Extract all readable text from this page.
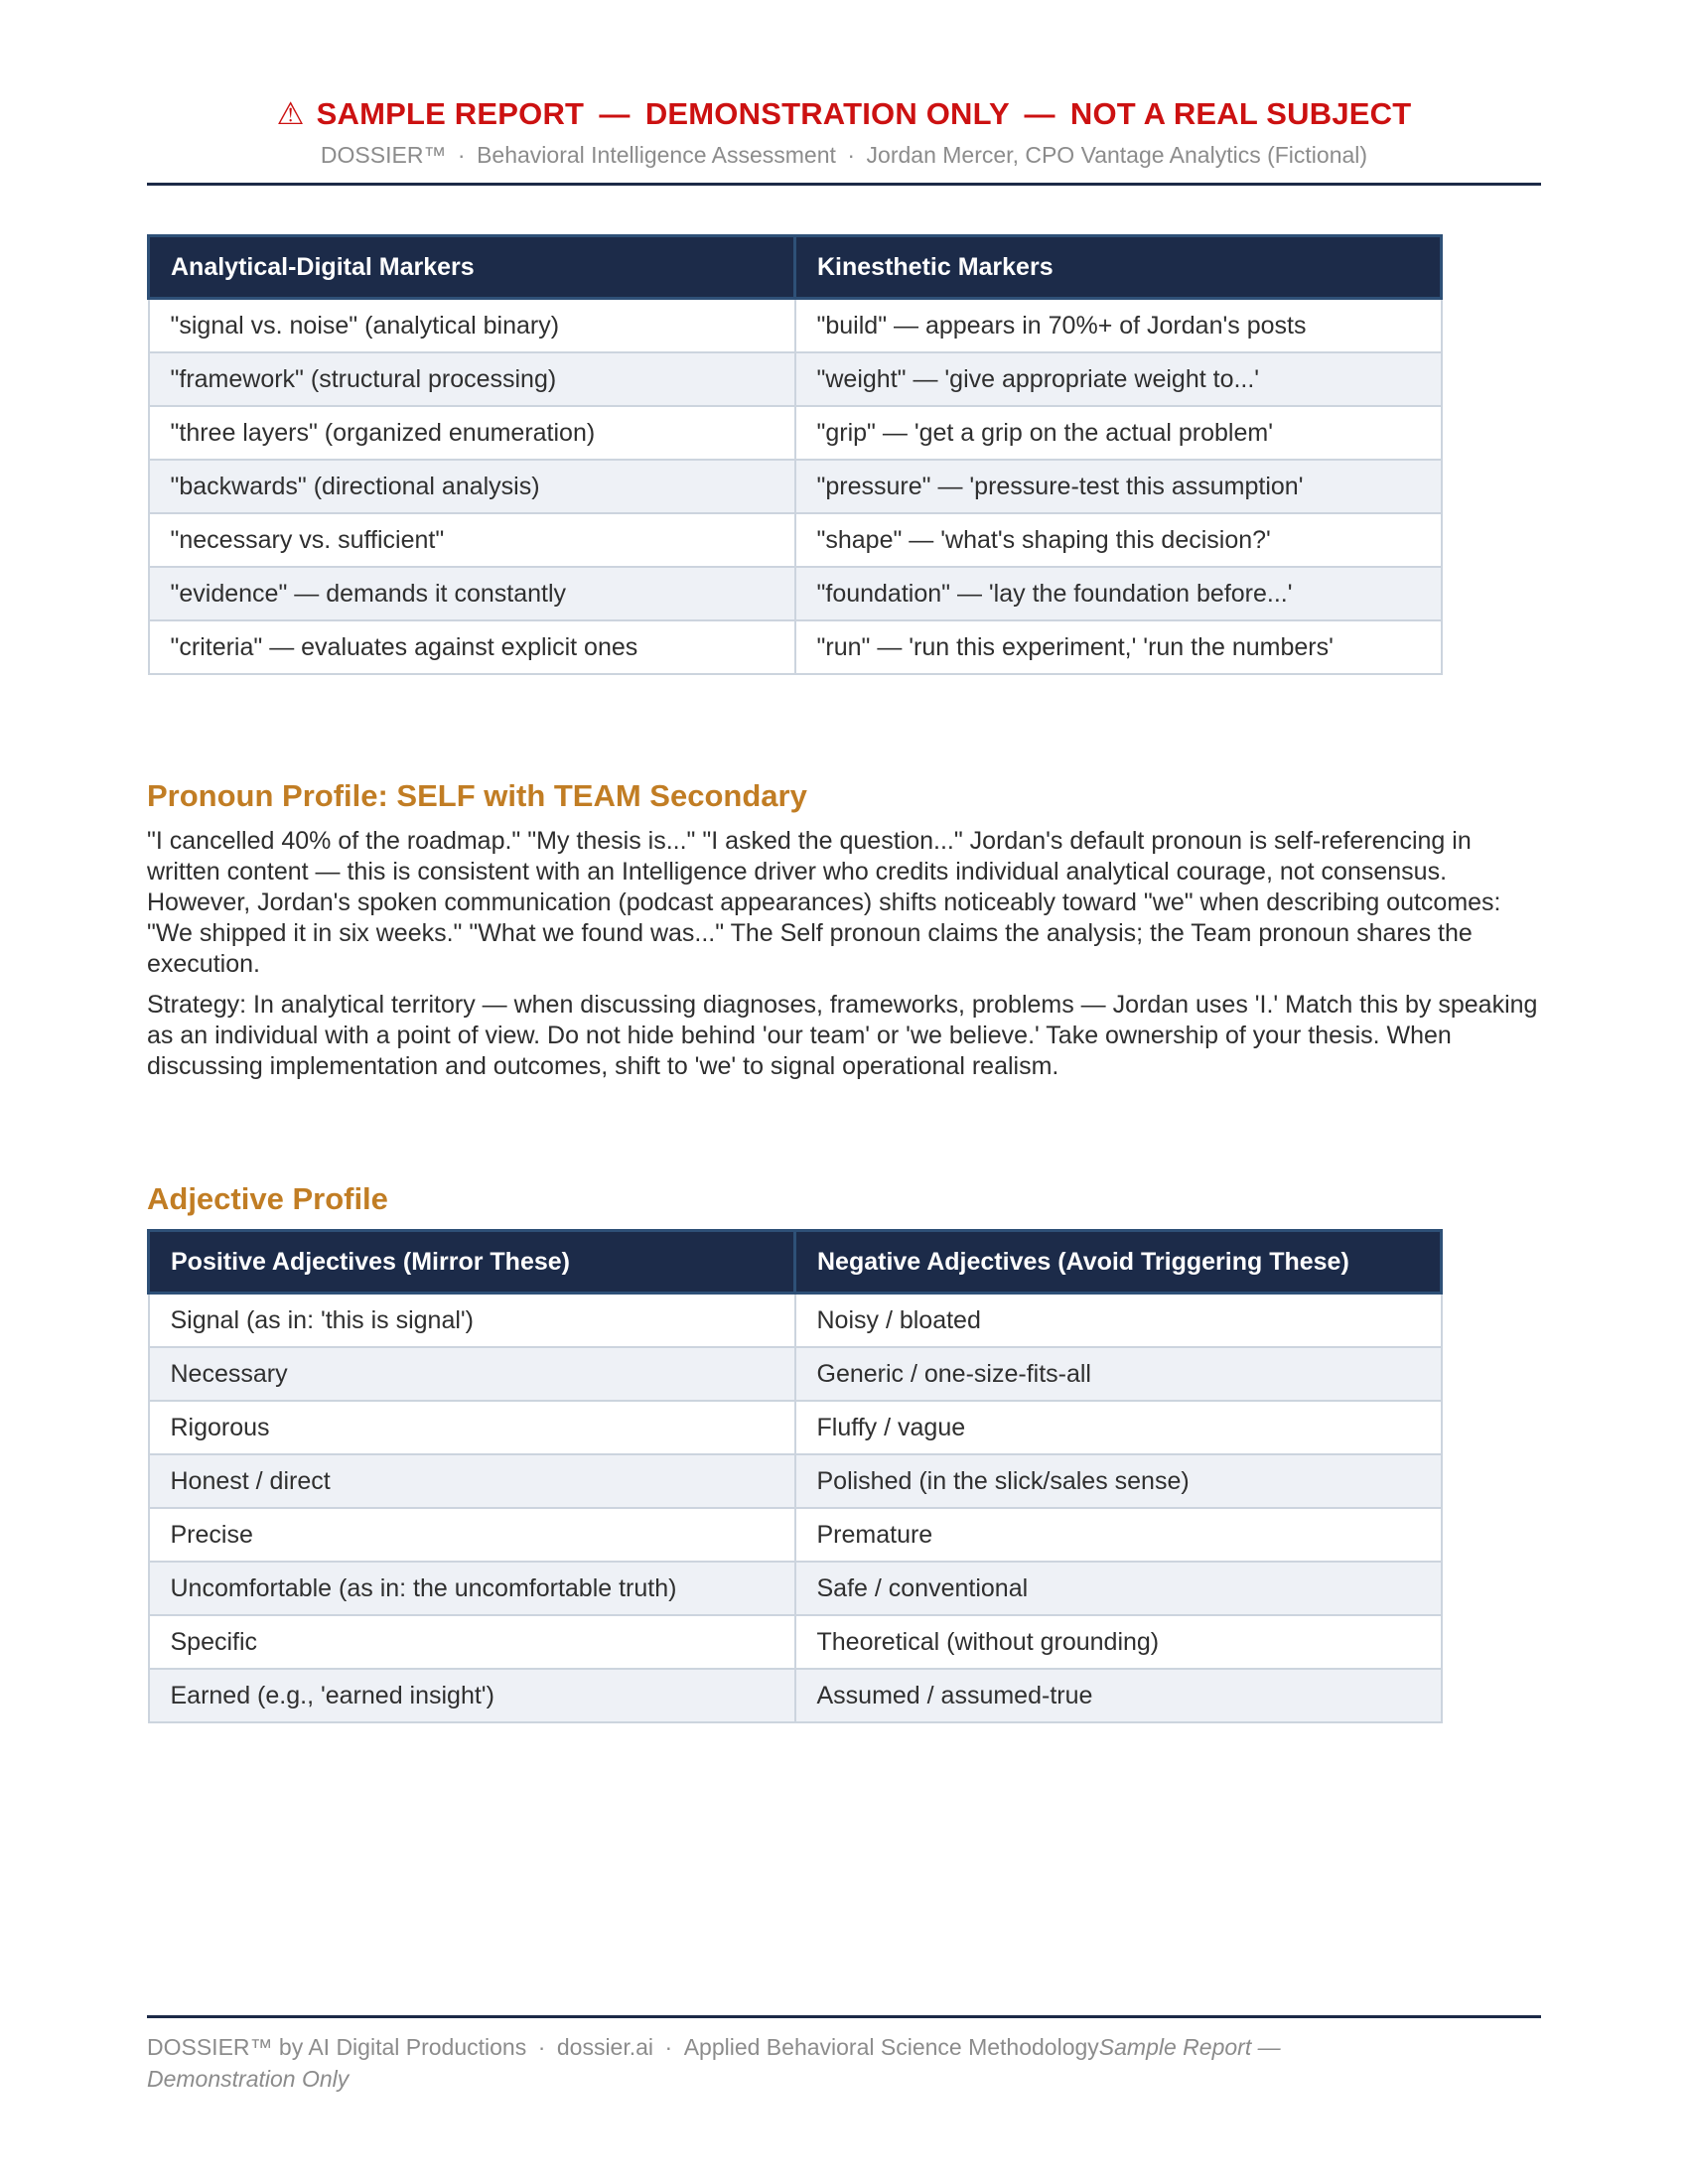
⚠ SAMPLE REPORT  —  DEMONSTRATION ONLY  —  NOT A REAL SUBJECT
DOSSIER™ · Behavioral Intelligence Assessment · Jordan Mercer, CPO Vantage Analytics (Fictional)
Analytical-Digital Markers	Kinesthetic Markers
"signal vs. noise" (analytical binary)	"build" — appears in 70%+ of Jordan's posts
"framework" (structural processing)	"weight" — 'give appropriate weight to...'
"three layers" (organized enumeration)	"grip" — 'get a grip on the actual problem'
"backwards" (directional analysis)	"pressure" — 'pressure-test this assumption'
"necessary vs. sufficient"	"shape" — 'what's shaping this decision?'
"evidence" — demands it constantly	"foundation" — 'lay the foundation before...'
"criteria" — evaluates against explicit ones	"run" — 'run this experiment,' 'run the numbers'
Pronoun Profile: SELF with TEAM Secondary

"I cancelled 40% of the roadmap." "My thesis is..." "I asked the question..." Jordan's default pronoun is self-referencing in written content — this is consistent with an Intelligence driver who credits individual analytical courage, not consensus. However, Jordan's spoken communication (podcast appearances) shifts noticeably toward "we" when describing outcomes: "We shipped it in six weeks." "What we found was..." The Self pronoun claims the analysis; the Team pronoun shares the execution.

Strategy: In analytical territory — when discussing diagnoses, frameworks, problems — Jordan uses 'I.' Match this by speaking as an individual with a point of view. Do not hide behind 'our team' or 'we believe.' Take ownership of your thesis. When discussing implementation and outcomes, shift to 'we' to signal operational realism.

Adjective Profile
Positive Adjectives (Mirror These)	Negative Adjectives (Avoid Triggering These)
Signal (as in: 'this is signal')	Noisy / bloated
Necessary	Generic / one-size-fits-all
Rigorous	Fluffy / vague
Honest / direct	Polished (in the slick/sales sense)
Precise	Premature
Uncomfortable (as in: the uncomfortable truth)	Safe / conventional
Specific	Theoretical (without grounding)
Earned (e.g., 'earned insight')	Assumed / assumed-true
DOSSIER™ by AI Digital Productions · dossier.ai · Applied Behavioral Science MethodologySample Report —
Demonstration Only
